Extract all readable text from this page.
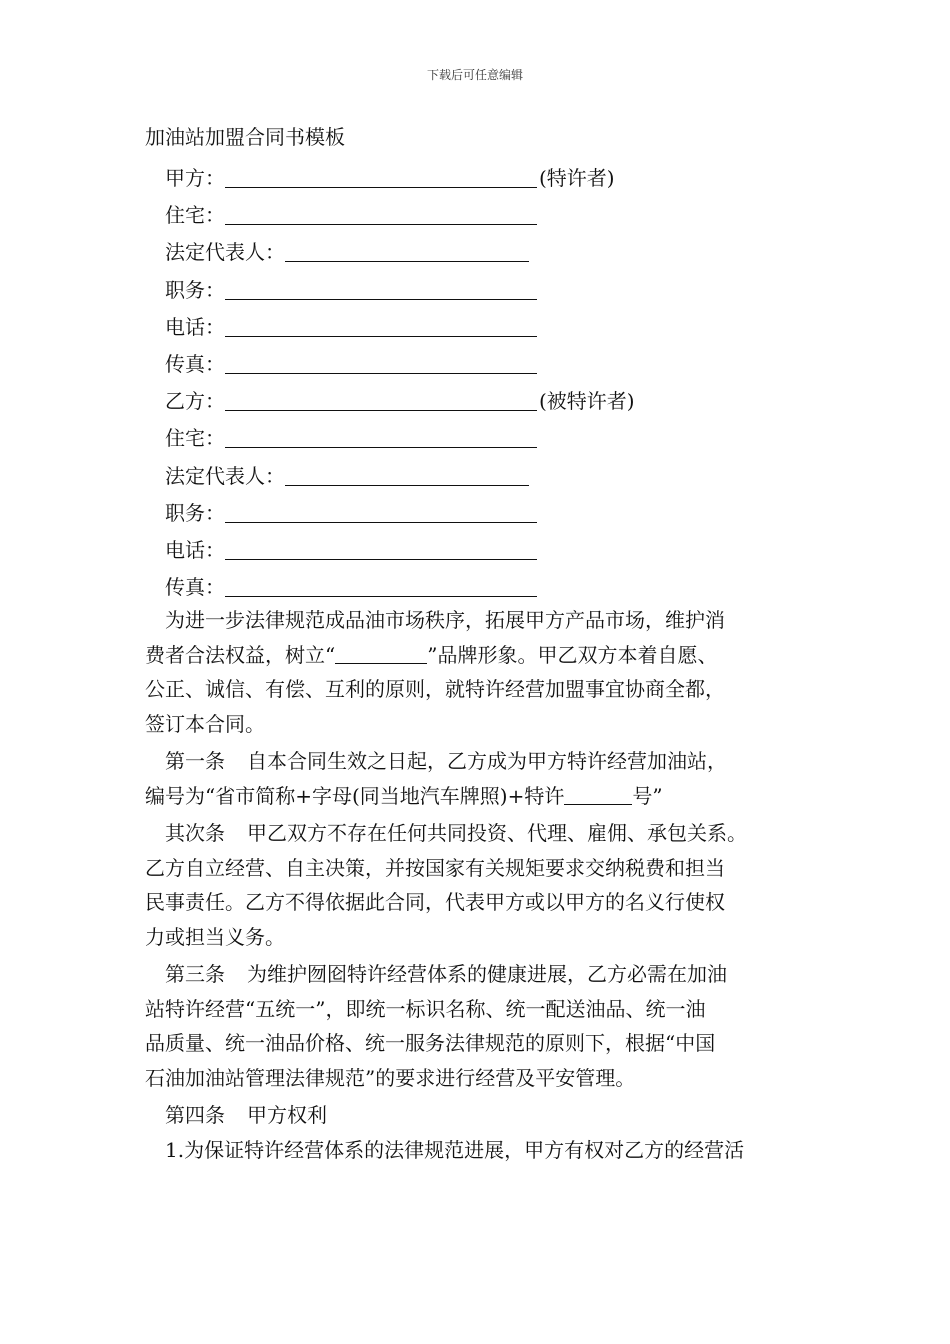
下载后可任意编辑
加油站加盟合同书模板
甲方：	(特许者)
住宅：
法定代表人：
职务：
电话：
传真：
乙方：	(被特许者)
住宅：
法定代表人：
职务：
电话：
传真：

为进一步法律规范成品油市场秩序，拓展甲方产品市场，维护消
费者合法权益，树立“	”品牌形象。甲乙双方本着自愿、
公正、诚信、有偿、互利的原则，就特许经营加盟事宜协商全都，
签订本合同。

第一条 自本合同生效之日起，乙方成为甲方特许经营加油站，
编号为“省市简称+字母(同当地汽车牌照)+特许	号”

其次条 甲乙双方不存在任何共同投资、代理、雇佣、承包关系。
乙方自立经营、自主决策，并按国家有关规矩要求交纳税费和担当
民事责任。乙方不得依据此合同，代表甲方或以甲方的名义行使权
力或担当义务。

第三条 为维护囫囵特许经营体系的健康进展，乙方必需在加油
站特许经营“五统一”，即统一标识名称、统一配送油品、统一油
品质量、统一油品价格、统一服务法律规范的原则下，根据“中国
石油加油站管理法律规范”的要求进行经营及平安管理。

第四条 甲方权利
1.为保证特许经营体系的法律规范进展，甲方有权对乙方的经营活
